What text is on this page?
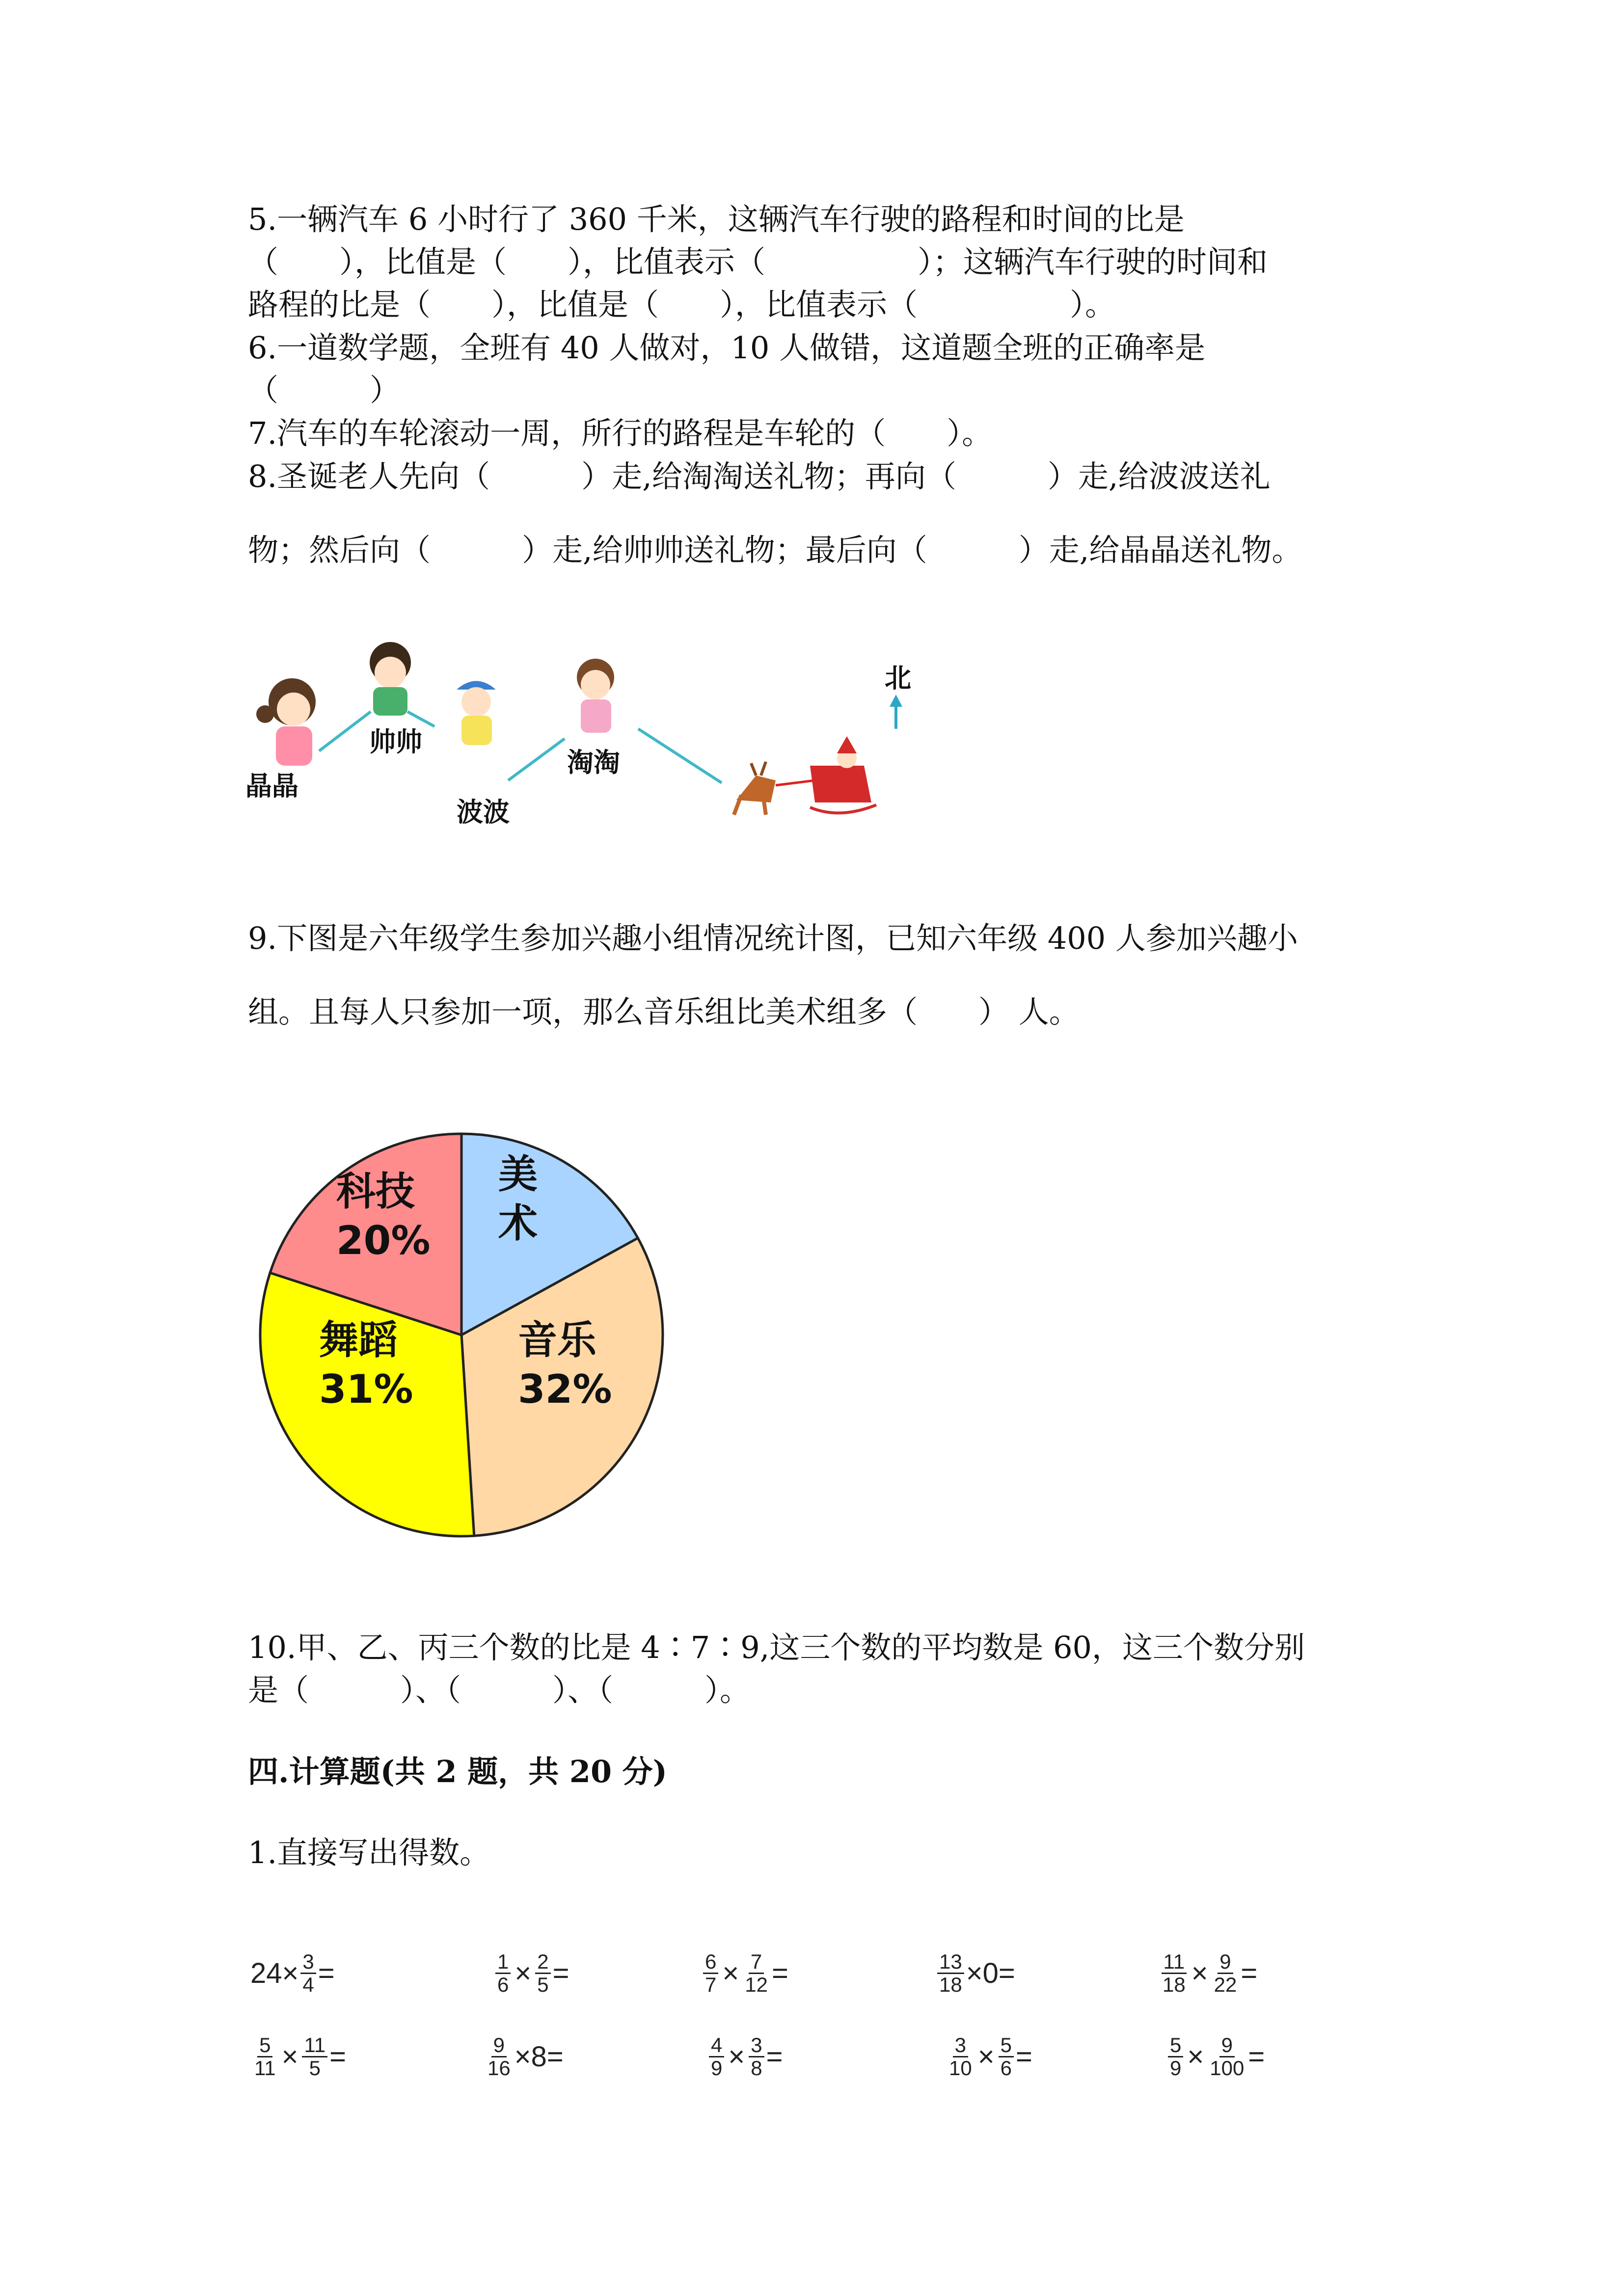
5.一辆汽车 6 小时行了 360 千米，这辆汽车行驶的路程和时间的比是
（　　），比值是（　　），比值表示（　　　　　）；这辆汽车行驶的时间和
路程的比是（　　），比值是（　　），比值表示（　　　　　）。
6.一道数学题，全班有 40 人做对，10 人做错，这道题全班的正确率是
（　　　）
7.汽车的车轮滚动一周，所行的路程是车轮的（　　）。
8.圣诞老人先向（　　　）走,给淘淘送礼物；再向（　　　）走,给波波送礼
物；然后向（　　　）走,给帅帅送礼物；最后向（　　　）走,给晶晶送礼物。
晶晶
帅帅
波波
淘淘
北
9.下图是六年级学生参加兴趣小组情况统计图，已知六年级 400 人参加兴趣小
组。且每人只参加一项，那么音乐组比美术组多（　　） 人。
美
术
科技
20%
舞蹈
31%
音乐
32%
10.甲、乙、丙三个数的比是 4∶7∶9,这三个数的平均数是 60，这三个数分别
是（　　　）、（　　　）、（　　　）。
四.计算题(共 2 题，共 20 分)
1.直接写出得数。
$24\times \frac{3}{4}$ =	$\frac{1}{6} \times \frac{2}{5}$ =	$\frac{6}{7} \times \frac{7}{12}$ =	$\frac{13}{18} \times 0=$	$\frac{11}{18} \times \frac{9}{22}$ =
$\frac{5}{11} \times \frac{11}{5}$ =	$\frac{9}{16} \times 8=$	$\frac{4}{9} \times \frac{3}{8}$ =	$\frac{3}{10} \times \frac{5}{6}$ =	$\frac{5}{9} \times \frac{9}{100}$ =
